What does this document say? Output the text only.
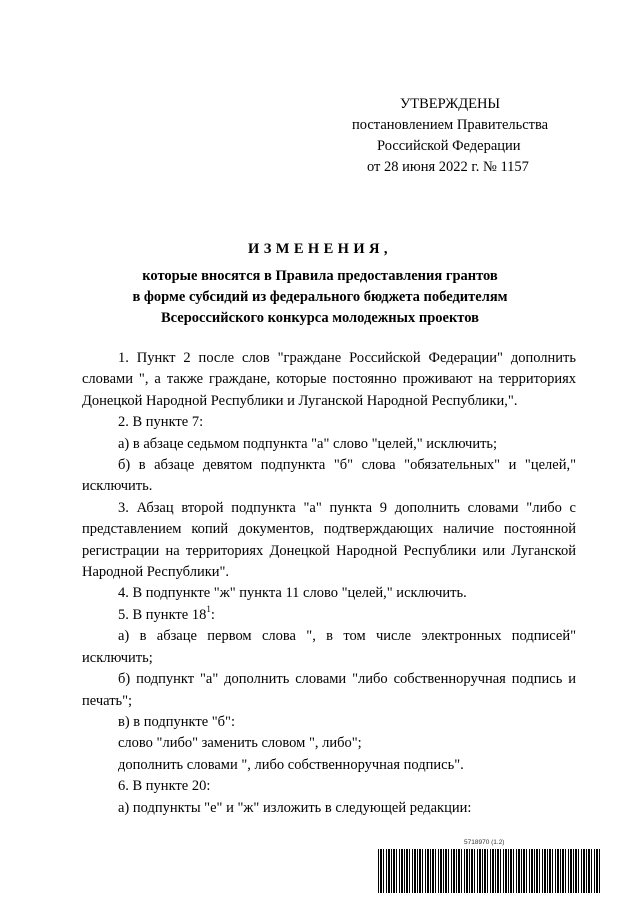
УТВЕРЖДЕНЫ
постановлением Правительства
Российской Федерации
от 28 июня 2022 г. № 1157
ИЗМЕНЕНИЯ,
которые вносятся в Правила предоставления грантов
в форме субсидий из федерального бюджета победителям
Всероссийского конкурса молодежных проектов
1. Пункт 2 после слов "граждане Российской Федерации" дополнить словами ", а также граждане, которые постоянно проживают на территориях Донецкой Народной Республики и Луганской Народной Республики,".
2. В пункте 7:
а) в абзаце седьмом подпункта "а" слово "целей," исключить;
б) в абзаце девятом подпункта "б" слова "обязательных" и "целей," исключить.
3. Абзац второй подпункта "а" пункта 9 дополнить словами "либо с представлением копий документов, подтверждающих наличие постоянной регистрации на территориях Донецкой Народной Республики или Луганской Народной Республики".
4. В подпункте "ж" пункта 11 слово "целей," исключить.
5. В пункте $18^1$:
а) в абзаце первом слова ", в том числе электронных подписей" исключить;
б) подпункт "а" дополнить словами "либо собственноручная подпись и печать";
в) в подпункте "б":
слово "либо" заменить словом ", либо";
дополнить словами ", либо собственноручная подпись".
6. В пункте 20:
а) подпункты "е" и "ж" изложить в следующей редакции:
5718970 (1.2)
